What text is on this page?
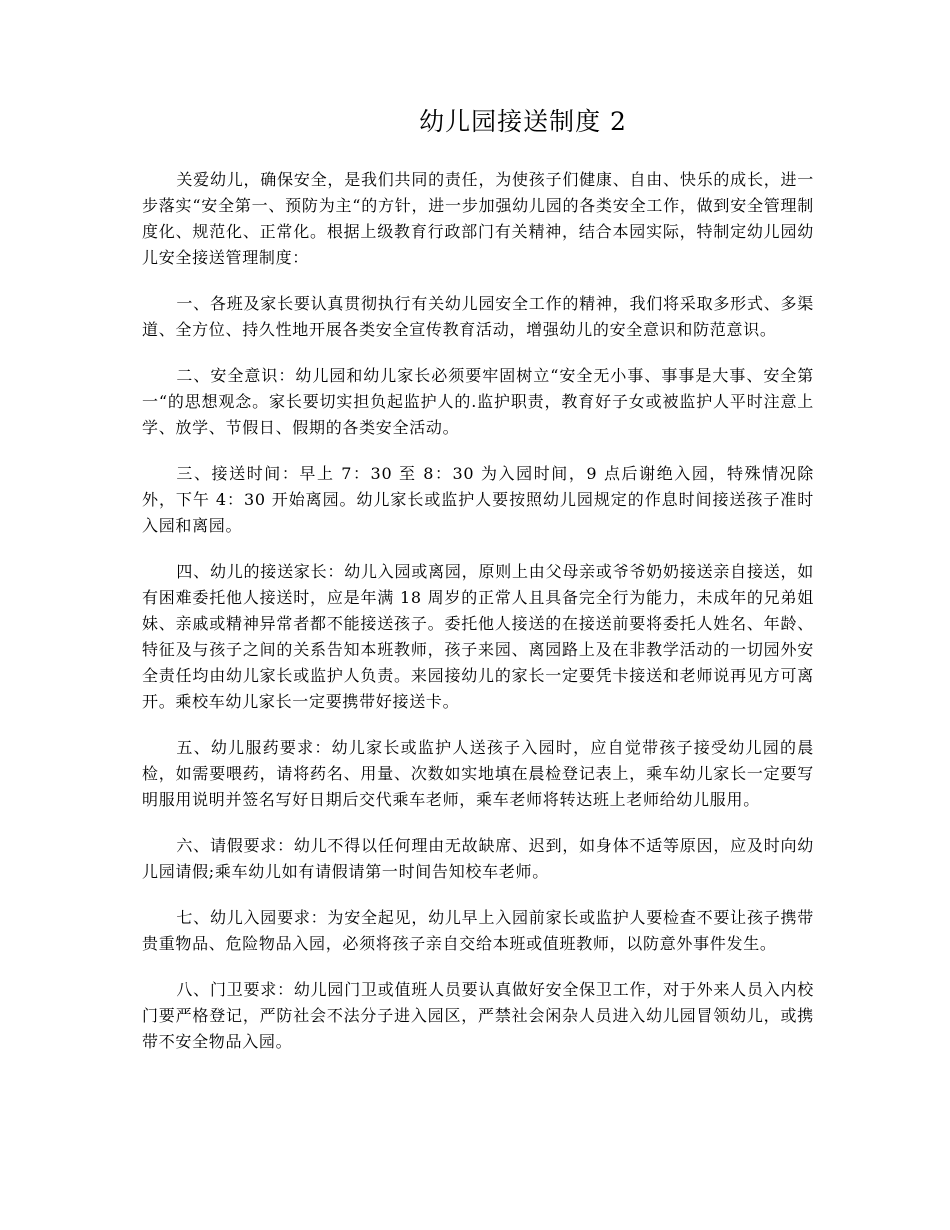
幼儿园接送制度 2

关爱幼儿，确保安全，是我们共同的责任，为使孩子们健康、自由、快乐的成长，进一步落实“安全第一、预防为主“的方针，进一步加强幼儿园的各类安全工作，做到安全管理制度化、规范化、正常化。根据上级教育行政部门有关精神，结合本园实际，特制定幼儿园幼儿安全接送管理制度：

一、各班及家长要认真贯彻执行有关幼儿园安全工作的精神，我们将采取多形式、多渠道、全方位、持久性地开展各类安全宣传教育活动，增强幼儿的安全意识和防范意识。

二、安全意识：幼儿园和幼儿家长必须要牢固树立“安全无小事、事事是大事、安全第一“的思想观念。家长要切实担负起监护人的.监护职责，教育好子女或被监护人平时注意上学、放学、节假日、假期的各类安全活动。

三、接送时间：早上 7：30 至 8：30 为入园时间，9 点后谢绝入园，特殊情况除外，下午 4：30 开始离园。幼儿家长或监护人要按照幼儿园规定的作息时间接送孩子准时入园和离园。

四、幼儿的接送家长：幼儿入园或离园，原则上由父母亲或爷爷奶奶接送亲自接送，如有困难委托他人接送时，应是年满 18 周岁的正常人且具备完全行为能力，未成年的兄弟姐妹、亲戚或精神异常者都不能接送孩子。委托他人接送的在接送前要将委托人姓名、年龄、特征及与孩子之间的关系告知本班教师，孩子来园、离园路上及在非教学活动的一切园外安全责任均由幼儿家长或监护人负责。来园接幼儿的家长一定要凭卡接送和老师说再见方可离开。乘校车幼儿家长一定要携带好接送卡。

五、幼儿服药要求：幼儿家长或监护人送孩子入园时，应自觉带孩子接受幼儿园的晨检，如需要喂药，请将药名、用量、次数如实地填在晨检登记表上，乘车幼儿家长一定要写明服用说明并签名写好日期后交代乘车老师，乘车老师将转达班上老师给幼儿服用。

六、请假要求：幼儿不得以任何理由无故缺席、迟到，如身体不适等原因，应及时向幼儿园请假;乘车幼儿如有请假请第一时间告知校车老师。

七、幼儿入园要求：为安全起见，幼儿早上入园前家长或监护人要检查不要让孩子携带贵重物品、危险物品入园，必须将孩子亲自交给本班或值班教师，以防意外事件发生。

八、门卫要求：幼儿园门卫或值班人员要认真做好安全保卫工作，对于外来人员入内校门要严格登记，严防社会不法分子进入园区，严禁社会闲杂人员进入幼儿园冒领幼儿，或携带不安全物品入园。
